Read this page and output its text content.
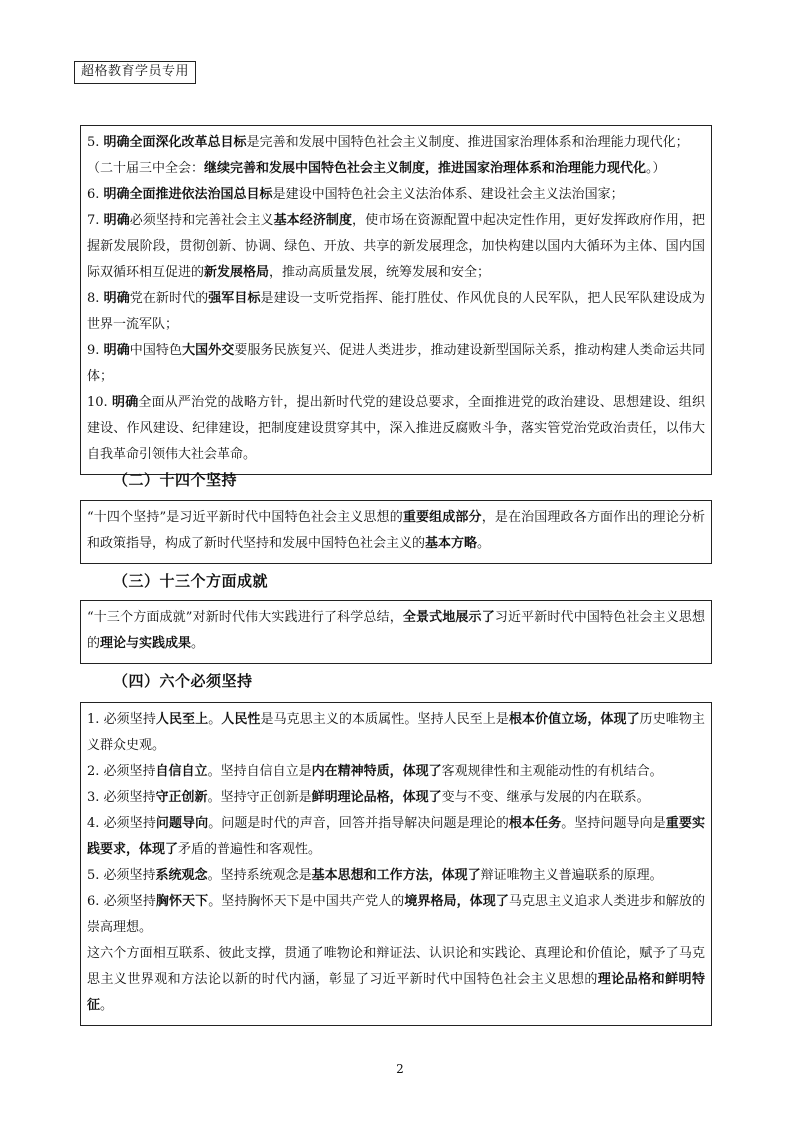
超格教育学员专用

5. 明确全面深化改革总目标是完善和发展中国特色社会主义制度、推进国家治理体系和治理能力现代化；

（二十届三中全会：继续完善和发展中国特色社会主义制度，推进国家治理体系和治理能力现代化。）

6. 明确全面推进依法治国总目标是建设中国特色社会主义法治体系、建设社会主义法治国家；

7. 明确必须坚持和完善社会主义基本经济制度，使市场在资源配置中起决定性作用，更好发挥政府作用，把握新发展阶段，贯彻创新、协调、绿色、开放、共享的新发展理念，加快构建以国内大循环为主体、国内国际双循环相互促进的新发展格局，推动高质量发展，统筹发展和安全；

8. 明确党在新时代的强军目标是建设一支听党指挥、能打胜仗、作风优良的人民军队，把人民军队建设成为世界一流军队；

9. 明确中国特色大国外交要服务民族复兴、促进人类进步，推动建设新型国际关系，推动构建人类命运共同体；

10. 明确全面从严治党的战略方针，提出新时代党的建设总要求，全面推进党的政治建设、思想建设、组织建设、作风建设、纪律建设，把制度建设贯穿其中，深入推进反腐败斗争，落实管党治党政治责任，以伟大自我革命引领伟大社会革命。

（二）十四个坚持

“十四个坚持”是习近平新时代中国特色社会主义思想的重要组成部分，是在治国理政各方面作出的理论分析和政策指导，构成了新时代坚持和发展中国特色社会主义的基本方略。

（三）十三个方面成就

“十三个方面成就”对新时代伟大实践进行了科学总结，全景式地展示了习近平新时代中国特色社会主义思想的理论与实践成果。

（四）六个必须坚持

1. 必须坚持人民至上。人民性是马克思主义的本质属性。坚持人民至上是根本价值立场，体现了历史唯物主义群众史观。

2. 必须坚持自信自立。坚持自信自立是内在精神特质，体现了客观规律性和主观能动性的有机结合。

3. 必须坚持守正创新。坚持守正创新是鲜明理论品格，体现了变与不变、继承与发展的内在联系。

4. 必须坚持问题导向。问题是时代的声音，回答并指导解决问题是理论的根本任务。坚持问题导向是重要实践要求，体现了矛盾的普遍性和客观性。

5. 必须坚持系统观念。坚持系统观念是基本思想和工作方法，体现了辩证唯物主义普遍联系的原理。

6. 必须坚持胸怀天下。坚持胸怀天下是中国共产党人的境界格局，体现了马克思主义追求人类进步和解放的崇高理想。

这六个方面相互联系、彼此支撑，贯通了唯物论和辩证法、认识论和实践论、真理论和价值论，赋予了马克思主义世界观和方法论以新的时代内涵，彰显了习近平新时代中国特色社会主义思想的理论品格和鲜明特征。

2
